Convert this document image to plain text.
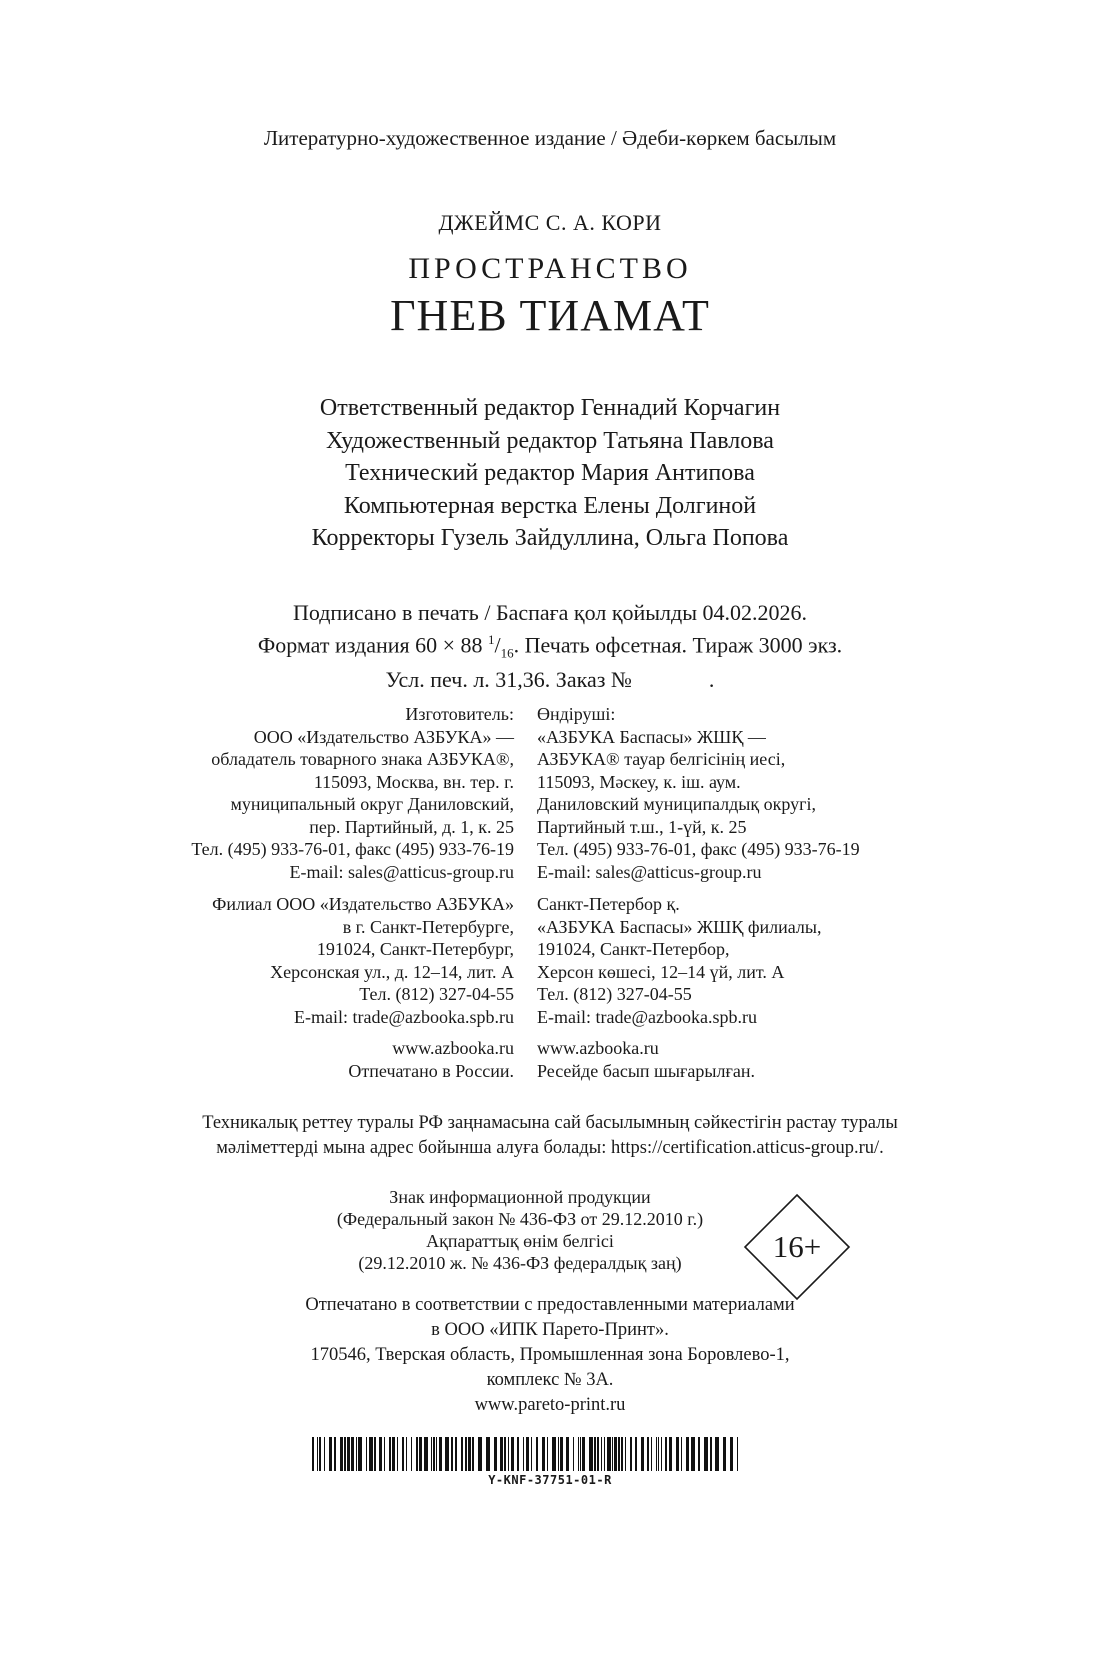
Литературно-художественное издание / Әдеби-көркем басылым
ДЖЕЙМС С. А. КОРИ
ПРОСТРАНСТВО
ГНЕВ ТИАМАТ
Ответственный редактор Геннадий Корчагин
Художественный редактор Татьяна Павлова
Технический редактор Мария Антипова
Компьютерная верстка Елены Долгиной
Корректоры Гузель Зайдуллина, Ольга Попова
Подписано в печать / Баспаға қол қойылды 04.02.2026.
Формат издания 60 × 88 $^1/_{16}$. Печать офсетная. Тираж 3000 экз.
Усл. печ. л. 31,36. Заказ №              .
Изготовитель:
ООО «Издательство АЗБУКА» —
обладатель товарного знака АЗБУКА®,
115093, Москва, вн. тер. г.
муниципальный округ Даниловский,
пер. Партийный, д. 1, к. 25
Тел. (495) 933-76-01, факс (495) 933-76-19
E-mail: sales@atticus-group.ru
Өндіруші:
«АЗБУКА Баспасы» ЖШҚ —
АЗБУКА® тауар белгісінің иесі,
115093, Мәскеу, к. іш. аум.
Даниловский муниципалдық округі,
Партийный т.ш., 1-үй, к. 25
Тел. (495) 933-76-01, факс (495) 933-76-19
E-mail: sales@atticus-group.ru
Филиал ООО «Издательство АЗБУКА»
в г. Санкт-Петербурге,
191024, Санкт-Петербург,
Херсонская ул., д. 12–14, лит. А
Тел. (812) 327-04-55
E-mail: trade@azbooka.spb.ru
Санкт-Петербор қ.
«АЗБУКА Баспасы» ЖШҚ филиалы,
191024, Санкт-Петербор,
Херсон көшесі, 12–14 үй, лит. А
Тел. (812) 327-04-55
E-mail: trade@azbooka.spb.ru
www.azbooka.ru
Отпечатано в России.
www.azbooka.ru
Ресейде басып шығарылған.
Техникалық реттеу туралы РФ заңнамасына сай басылымның сәйкестігін растау туралы
мәліметтерді мына адрес бойынша алуға болады: https://certification.atticus-group.ru/.
Знак информационной продукции
(Федеральный закон № 436-ФЗ от 29.12.2010 г.)
Ақпараттық өнім белгісі
(29.12.2010 ж. № 436-ФЗ федералдық заң)	16+
Отпечатано в соответствии с предоставленными материалами
в ООО «ИПК Парето-Принт».
170546, Тверская область, Промышленная зона Боровлево-1,
комплекс № 3А.
www.pareto-print.ru
Y-KNF-37751-01-R
